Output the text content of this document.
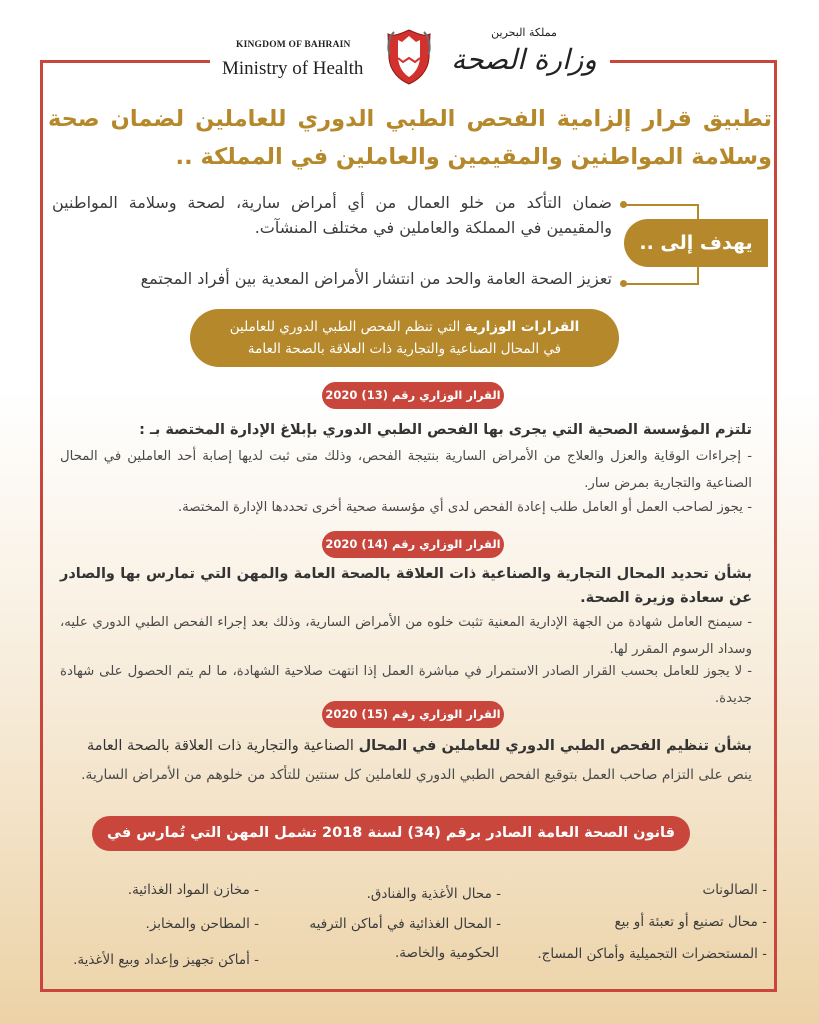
KINGDOM OF BAHRAIN
Ministry of Health
مملكة البحرين
وزارة الصحة
تطبيق قرار إلزامية الفحص الطبي الدوري للعاملين لضمان صحة وسلامة المواطنين والمقيمين والعاملين في المملكة ..
يهدف إلى ..
ضمان التأكد من خلو العمال من أي أمراض سارية، لصحة وسلامة المواطنين والمقيمين في المملكة والعاملين في مختلف المنشآت.
تعزيز الصحة العامة والحد من انتشار الأمراض المعدية بين أفراد المجتمع
القرارات الوزارية التي تنظم الفحص الطبي الدوري للعاملين
في المحال الصناعية والتجارية ذات العلاقة بالصحة العامة
القرار الوزاري رقم (13) 2020
تلتزم المؤسسة الصحية التي يجرى بها الفحص الطبي الدوري بإبلاغ الإدارة المختصة بـ :
- إجراءات الوقاية والعزل والعلاج من الأمراض السارية بنتيجة الفحص، وذلك متى ثبت لديها إصابة أحد العاملين في المحال الصناعية والتجارية بمرض سار.
- يجوز لصاحب العمل أو العامل طلب إعادة الفحص لدى أي مؤسسة صحية أخرى تحددها الإدارة المختصة.
القرار الوزاري رقم (14) 2020
بشأن تحديد المحال التجارية والصناعية ذات العلاقة بالصحة العامة والمهن التي تمارس بها والصادر عن سعادة وزيرة الصحة.
- سيمنح العامل شهادة من الجهة الإدارية المعنية تثبت خلوه من الأمراض السارية، وذلك بعد إجراء الفحص الطبي الدوري عليه، وسداد الرسوم المقرر لها.
- لا يجوز للعامل بحسب القرار الصادر الاستمرار في مباشرة العمل إذا انتهت صلاحية الشهادة، ما لم يتم الحصول على شهادة جديدة.
القرار الوزاري رقم (15) 2020
بشأن تنظيم الفحص الطبي الدوري للعاملين في المحال الصناعية والتجارية ذات العلاقة بالصحة العامة
ينص على التزام صاحب العمل بتوقيع الفحص الطبي الدوري للعاملين كل سنتين للتأكد من خلوهم من الأمراض السارية.
قانون الصحة العامة الصادر برقم (34) لسنة 2018 تشمل المهن التي تُمارس في
- الصالونات
- محال تصنيع أو تعبئة أو بيع
- المستحضرات التجميلية وأماكن المساج.
- محال الأغذية والفنادق.
- المحال الغذائية في أماكن الترفيه
الحكومية والخاصة.
- مخازن المواد الغذائية.
- المطاحن والمخابز.
- أماكن تجهيز وإعداد وبيع الأغذية.
